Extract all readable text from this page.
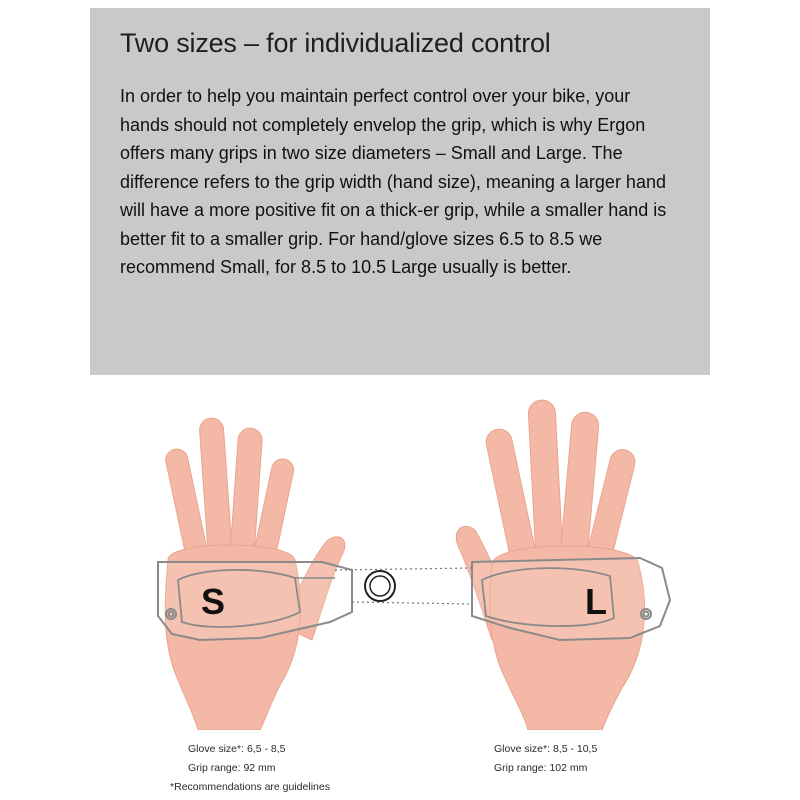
Two sizes – for individualized control

In order to help you maintain perfect control over your bike, your hands should not completely envelop the grip, which is why Ergon offers many grips in two size diameters – Small and Large. The difference refers to the grip width (hand size), meaning a larger hand will have a more positive fit on a thick-er grip, while a smaller hand is better fit to a smaller grip. For hand/glove sizes 6.5 to 8.5 we recommend Small, for 8.5 to 10.5 Large usually is better.

S	L
Glove size*: 6,5 - 8,5
Grip range: 92 mm
Glove size*: 8,5 - 10,5
Grip range: 102 mm
*Recommendations are guidelines
